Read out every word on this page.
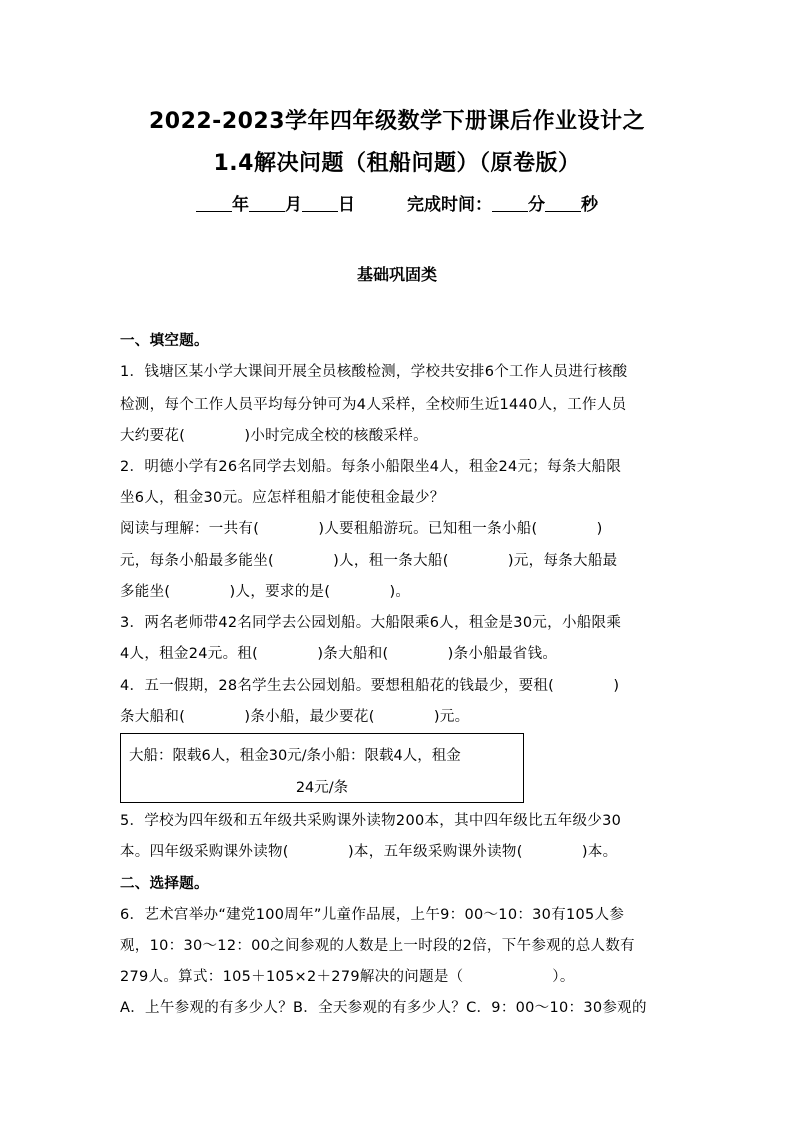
2022-2023学年四年级数学下册课后作业设计之
1.4解决问题（租船问题）（原卷版）
年 月 日	完成时间： 分 秒
基础巩固类
一、填空题。
1．钱塘区某小学大课间开展全员核酸检测，学校共安排6个工作人员进行核酸
检测，每个工作人员平均每分钟可为4人采样，全校师生近1440人，工作人员
大约要花(　　　　)小时完成全校的核酸采样。
2．明德小学有26名同学去划船。每条小船限坐4人，租金24元；每条大船限
坐6人，租金30元。应怎样租船才能使租金最少？
阅读与理解：一共有(　　　　)人要租船游玩。已知租一条小船(　　　　)
元，每条小船最多能坐(　　　　)人，租一条大船(　　　　)元，每条大船最
多能坐(　　　　)人，要求的是(　　　　)。
3．两名老师带42名同学去公园划船。大船限乘6人，租金是30元，小船限乘
4人，租金24元。租(　　　　)条大船和(　　　　)条小船最省钱。
4．五一假期，28名学生去公园划船。要想租船花的钱最少，要租(　　　　)
条大船和(　　　　)条小船，最少要花(　　　　)元。
大船：限载6人，租金30元/条小船：限载4人，租金
24元/条
5．学校为四年级和五年级共采购课外读物200本，其中四年级比五年级少30
本。四年级采购课外读物(　　　　)本，五年级采购课外读物(　　　　)本。
二、选择题。
6．艺术宫举办“建党100周年”儿童作品展，上午9：00～10：30有105人参
观，10：30～12：00之间参观的人数是上一时段的2倍，下午参观的总人数有
279人。算式：105＋105×2＋279解决的问题是（　　　　　　）。
A．上午参观的有多少人？B．全天参观的有多少人？C．9：00～10：30参观的
